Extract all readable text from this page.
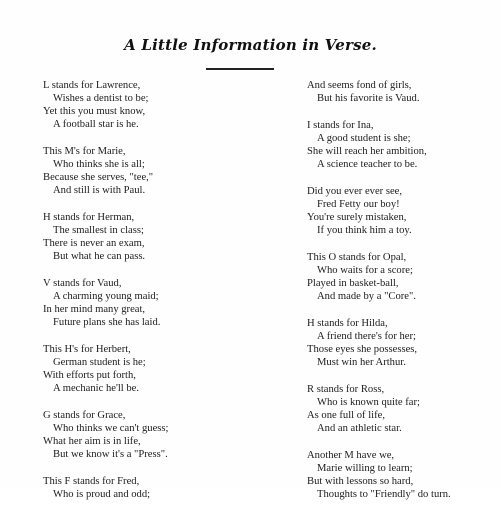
A Little Information in Verse.
L stands for Lawrence,
Wishes a dentist to be;
Yet this you must know,
A football star is he.
This M's for Marie,
Who thinks she is all;
Because she serves, "tee,"
And still is with Paul.
H stands for Herman,
The smallest in class;
There is never an exam,
But what he can pass.
V stands for Vaud,
A charming young maid;
In her mind many great,
Future plans she has laid.
This H's for Herbert,
German student is he;
With efforts put forth,
A mechanic he'll be.
G stands for Grace,
Who thinks we can't guess;
What her aim is in life,
But we know it's a "Press".
This F stands for Fred,
Who is proud and odd;
And seems fond of girls,
But his favorite is Vaud.
I stands for Ina,
A good student is she;
She will reach her ambition,
A science teacher to be.
Did you ever ever see,
Fred Fetty our boy!
You're surely mistaken,
If you think him a toy.
This O stands for Opal,
Who waits for a score;
Played in basket-ball,
And made by a "Core".
H stands for Hilda,
A friend there's for her;
Those eyes she possesses,
Must win her Arthur.
R stands for Ross,
Who is known quite far;
As one full of life,
And an athletic star.
Another M have we,
Marie willing to learn;
But with lessons so hard,
Thoughts to "Friendly" do turn.
